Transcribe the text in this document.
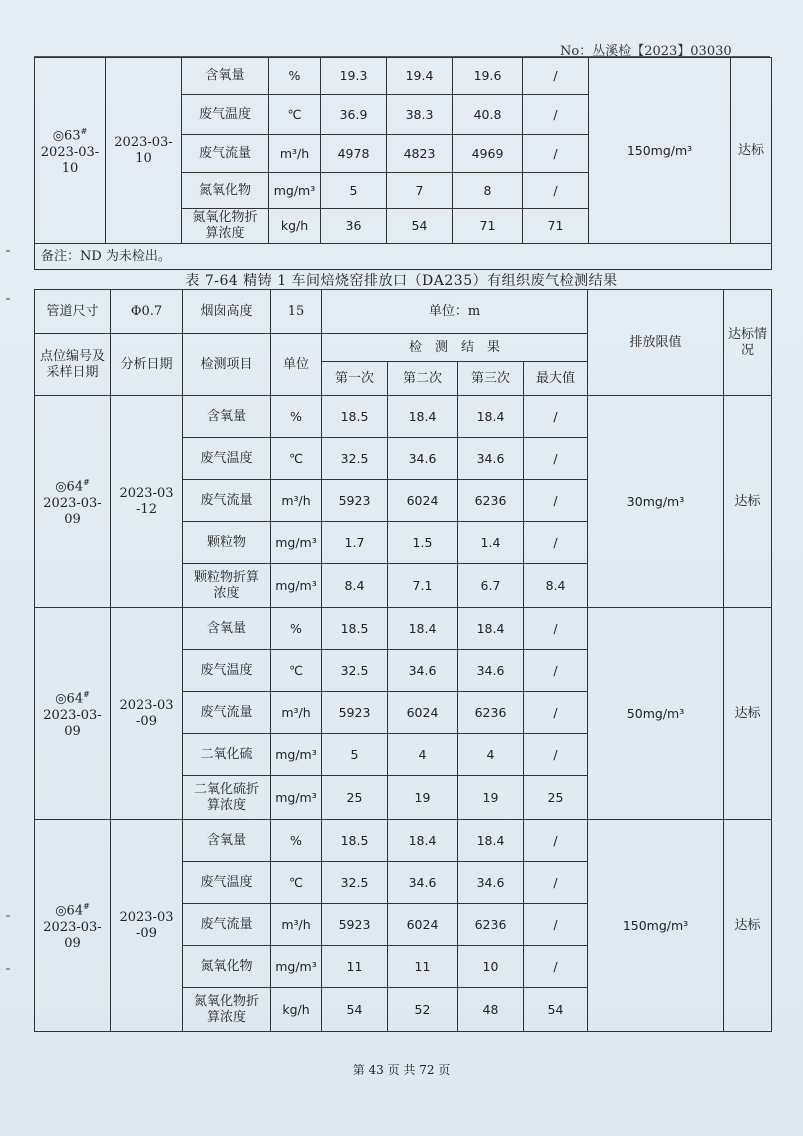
No：丛溪检【2023】03030
◎63#
2023-03-10	2023-03-10	含氧量	%	19.3	19.4	19.6	/	150mg/m³	达标
		废气温度	℃	36.9	38.3	40.8	/		
		废气流量	m³/h	4978	4823	4969	/		
		氮氧化物	mg/m³	5	7	8	/		
		氮氧化物折算浓度	kg/h	36	54	71	71		
备注：ND 为未检出。									
表 7-64 精铸 1 车间焙烧窑排放口（DA235）有组织废气检测结果
管道尺寸	Φ0.7	烟囱高度	15	单位：m				排放限值	达标情况
点位编号及采样日期	分析日期	检测项目	单位	检　测　结　果					
				第一次	第二次	第三次	最大值		
◎64#
2023-03-09	2023-03-12	含氧量	%	18.5	18.4	18.4	/	30mg/m³	达标
		废气温度	℃	32.5	34.6	34.6	/		
		废气流量	m³/h	5923	6024	6236	/		
		颗粒物	mg/m³	1.7	1.5	1.4	/		
		颗粒物折算浓度	mg/m³	8.4	7.1	6.7	8.4		
◎64#
2023-03-09	2023-03-09	含氧量	%	18.5	18.4	18.4	/	50mg/m³	达标
		废气温度	℃	32.5	34.6	34.6	/		
		废气流量	m³/h	5923	6024	6236	/		
		二氧化硫	mg/m³	5	4	4	/		
		二氧化硫折算浓度	mg/m³	25	19	19	25		
◎64#
2023-03-09	2023-03-09	含氧量	%	18.5	18.4	18.4	/	150mg/m³	达标
		废气温度	℃	32.5	34.6	34.6	/		
		废气流量	m³/h	5923	6024	6236	/		
		氮氧化物	mg/m³	11	11	10	/		
		氮氧化物折算浓度	kg/h	54	52	48	54		
第 43 页 共 72 页
